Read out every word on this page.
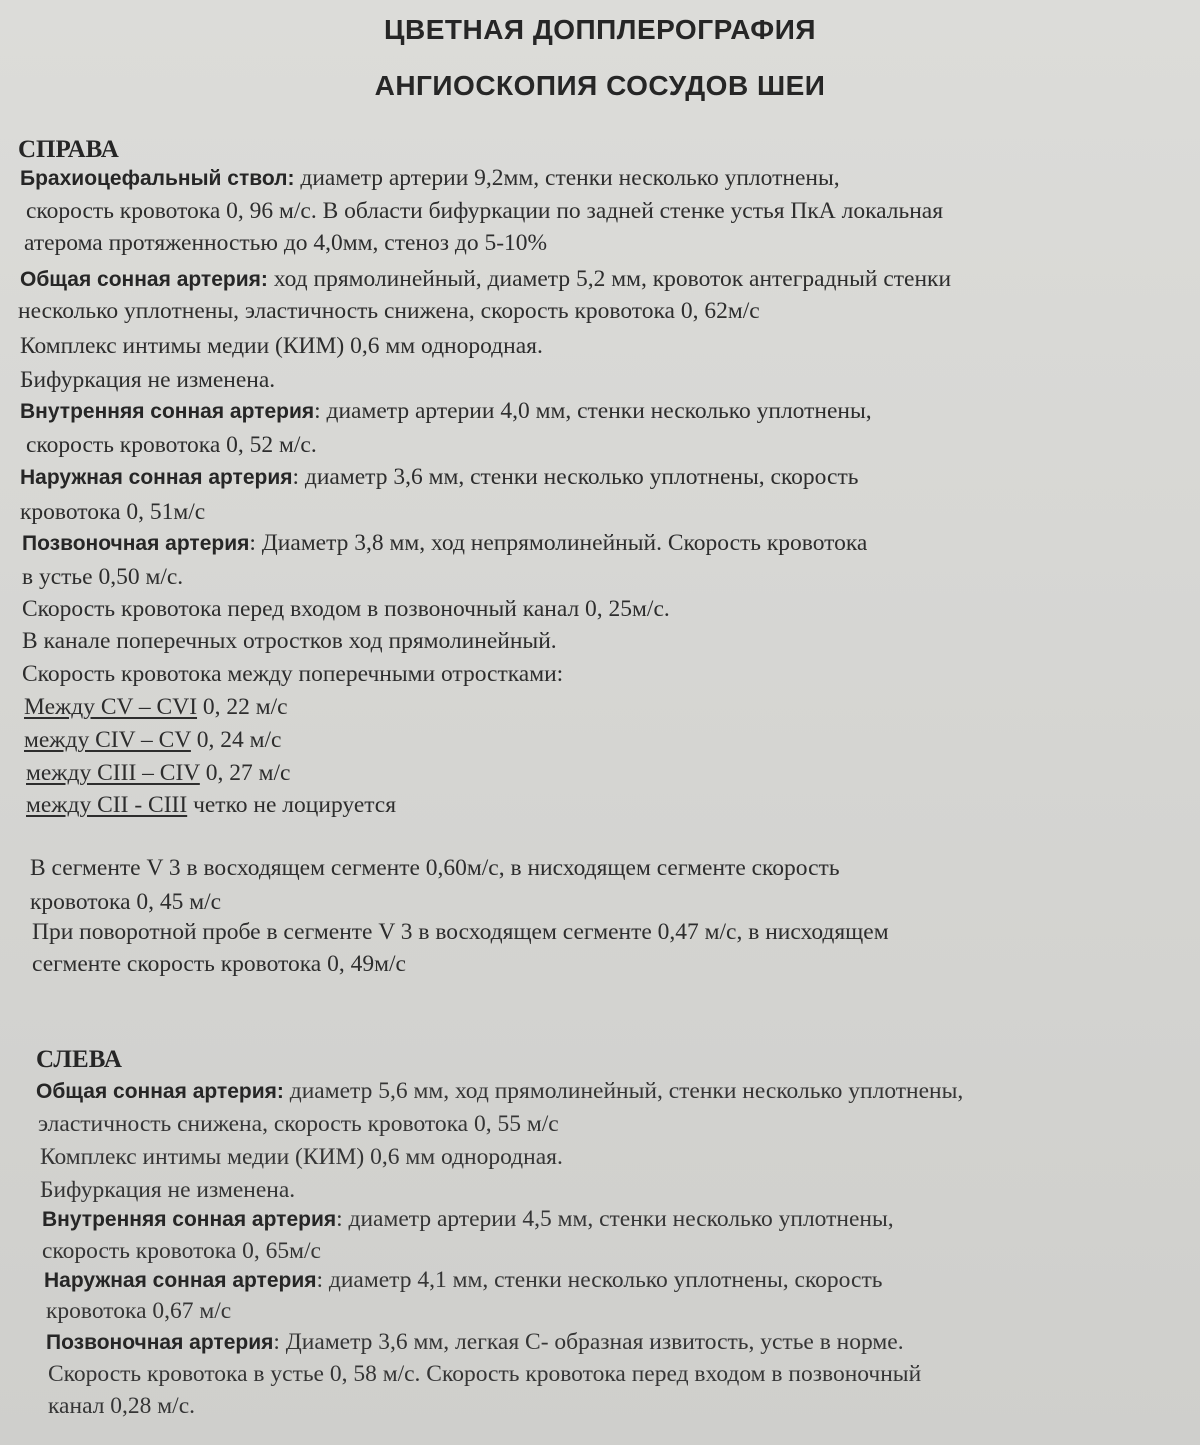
ЦВЕТНАЯ ДОППЛЕРОГРАФИЯ
АНГИОСКОПИЯ СОСУДОВ ШЕИ
СПРАВА
Брахиоцефальный ствол: диаметр артерии 9,2мм, стенки несколько уплотнены,
скорость кровотока 0, 96 м/с. В области бифуркации по задней стенке устья ПкА локальная
атерома протяженностью до 4,0мм, стеноз до 5-10%
Общая сонная артерия: ход прямолинейный, диаметр 5,2 мм, кровоток антеградный стенки
несколько уплотнены, эластичность снижена, скорость кровотока 0, 62м/с
Комплекс интимы медии (КИМ) 0,6 мм однородная.
Бифуркация не изменена.
Внутренняя сонная артерия: диаметр артерии 4,0 мм, стенки несколько уплотнены,
скорость кровотока 0, 52 м/с.
Наружная сонная артерия: диаметр 3,6 мм, стенки несколько уплотнены, скорость
кровотока 0, 51м/с
Позвоночная артерия: Диаметр 3,8 мм, ход непрямолинейный. Скорость кровотока
в устье 0,50 м/с.
Скорость кровотока перед входом в позвоночный канал 0, 25м/с.
В канале поперечных отростков ход прямолинейный.
Скорость кровотока между поперечными отростками:
Между CV – CVI 0, 22 м/с
между CIV – CV 0, 24 м/с
между CIII – CIV 0, 27 м/с
между CII - CIII четко не лоцируется
В сегменте V 3 в восходящем сегменте 0,60м/с, в нисходящем сегменте скорость
кровотока 0, 45 м/с
При поворотной пробе в сегменте V 3 в восходящем сегменте 0,47 м/с, в нисходящем
сегменте скорость кровотока 0, 49м/с
СЛЕВА
Общая сонная артерия: диаметр 5,6 мм, ход прямолинейный, стенки несколько уплотнены,
эластичность снижена, скорость кровотока 0, 55 м/с
Комплекс интимы медии (КИМ) 0,6 мм однородная.
Бифуркация не изменена.
Внутренняя сонная артерия: диаметр артерии 4,5 мм, стенки несколько уплотнены,
скорость кровотока 0, 65м/с
Наружная сонная артерия: диаметр 4,1 мм, стенки несколько уплотнены, скорость
кровотока 0,67 м/с
Позвоночная артерия: Диаметр 3,6 мм, легкая С- образная извитость, устье в норме.
Скорость кровотока в устье 0, 58 м/с. Скорость кровотока перед входом в позвоночный
канал 0,28 м/с.
